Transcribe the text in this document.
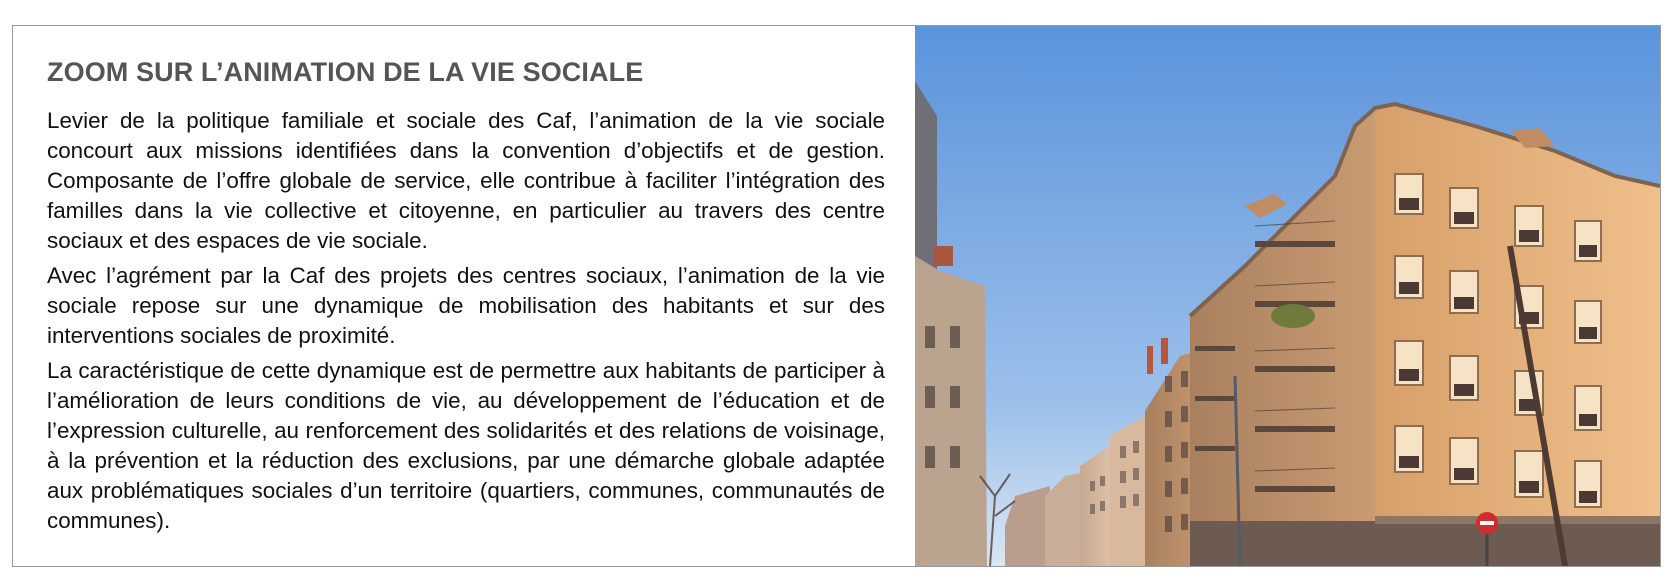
ZOOM SUR L’ANIMATION DE LA VIE SOCIALE

Levier de la politique familiale et sociale des Caf, l’animation de la vie sociale concourt aux missions identifiées dans la convention d’objectifs et de gestion. Composante de l’offre globale de service, elle contribue à faciliter l’intégration des familles dans la vie collective et citoyenne, en particulier au travers des centre sociaux et des espaces de vie sociale.

Avec l’agrément par la Caf des projets des centres sociaux, l’animation de la vie sociale repose sur une dynamique de mobilisation des habitants et sur des interventions sociales de proximité.

La caractéristique de cette dynamique est de permettre aux habitants de participer à l’amélioration de leurs conditions de vie, au développement de l’éducation et de l’expression culturelle, au renforcement des solidarités et des relations de voisinage, à la prévention et la réduction des exclusions, par une démarche globale adaptée aux problématiques sociales d’un territoire (quartiers, communes, communautés de communes).
